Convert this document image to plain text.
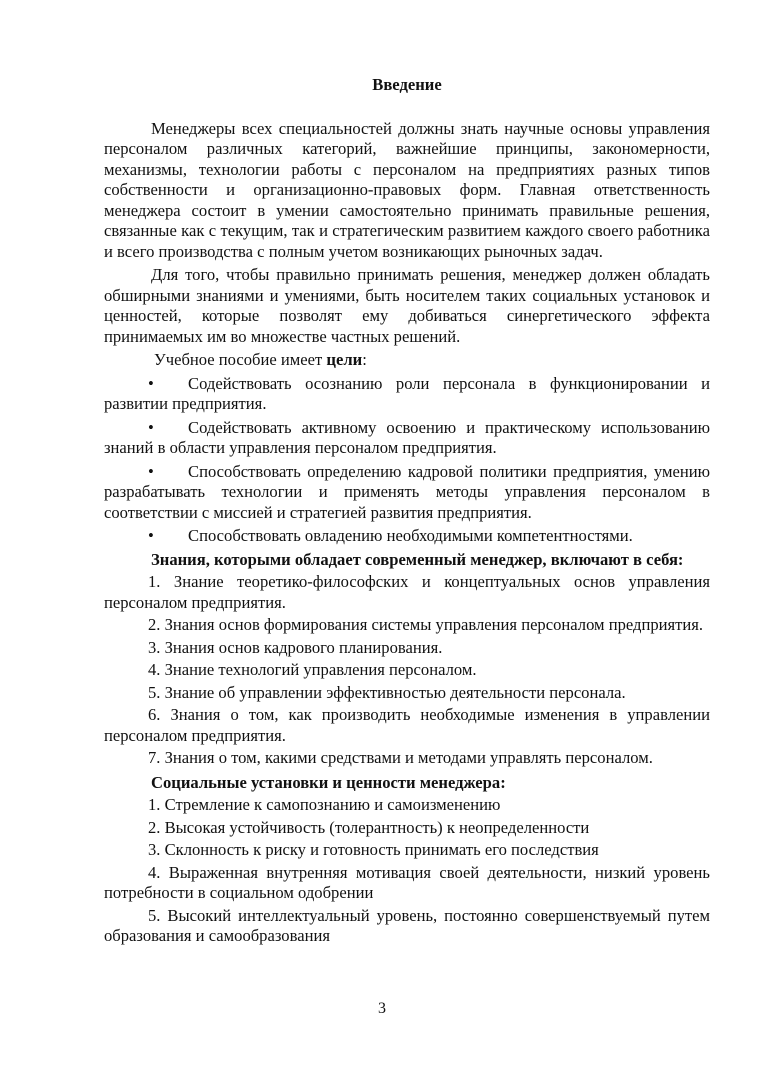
Введение

Менеджеры всех специальностей должны знать научные основы управления персоналом различных категорий, важнейшие принципы, закономерности, механизмы, технологии работы с персоналом на предприятиях разных типов собственности и организационно-правовых форм. Главная ответственность менеджера состоит в умении самостоятельно принимать правильные решения, связанные как с текущим, так и стратегическим развитием каждого своего работника и всего производства с полным учетом возникающих рыночных задач.

Для того, чтобы правильно принимать решения, менеджер должен обладать обширными знаниями и умениями, быть носителем таких социальных установок и ценностей, которые позволят ему добиваться синергетического эффекта принимаемых им во множестве частных решений.

Учебное пособие имеет цели:

• Содействовать осознанию роли персонала в функционировании и развитии предприятия.

• Содействовать активному освоению и практическому использованию знаний в области управления персоналом предприятия.

• Способствовать определению кадровой политики предприятия, умению разрабатывать технологии и применять методы управления персоналом в соответствии с миссией и стратегией развития предприятия.

• Способствовать овладению необходимыми компетентностями.

Знания, которыми обладает современный менеджер, включают в себя:

1. Знание теоретико-философских и концептуальных основ управления персоналом предприятия.

2. Знания основ формирования системы управления персоналом предприятия.

3. Знания основ кадрового планирования.

4. Знание технологий управления персоналом.

5. Знание об управлении эффективностью деятельности персонала.

6. Знания о том, как производить необходимые изменения в управлении персоналом предприятия.

7. Знания о том, какими средствами и методами управлять персоналом.

Социальные установки и ценности менеджера:

1. Стремление к самопознанию и самоизменению

2. Высокая устойчивость (толерантность) к неопределенности

3. Склонность к риску и готовность принимать его последствия

4. Выраженная внутренняя мотивация своей деятельности, низкий уровень потребности в социальном одобрении

5. Высокий интеллектуальный уровень, постоянно совершенствуемый путем образования и самообразования

3
